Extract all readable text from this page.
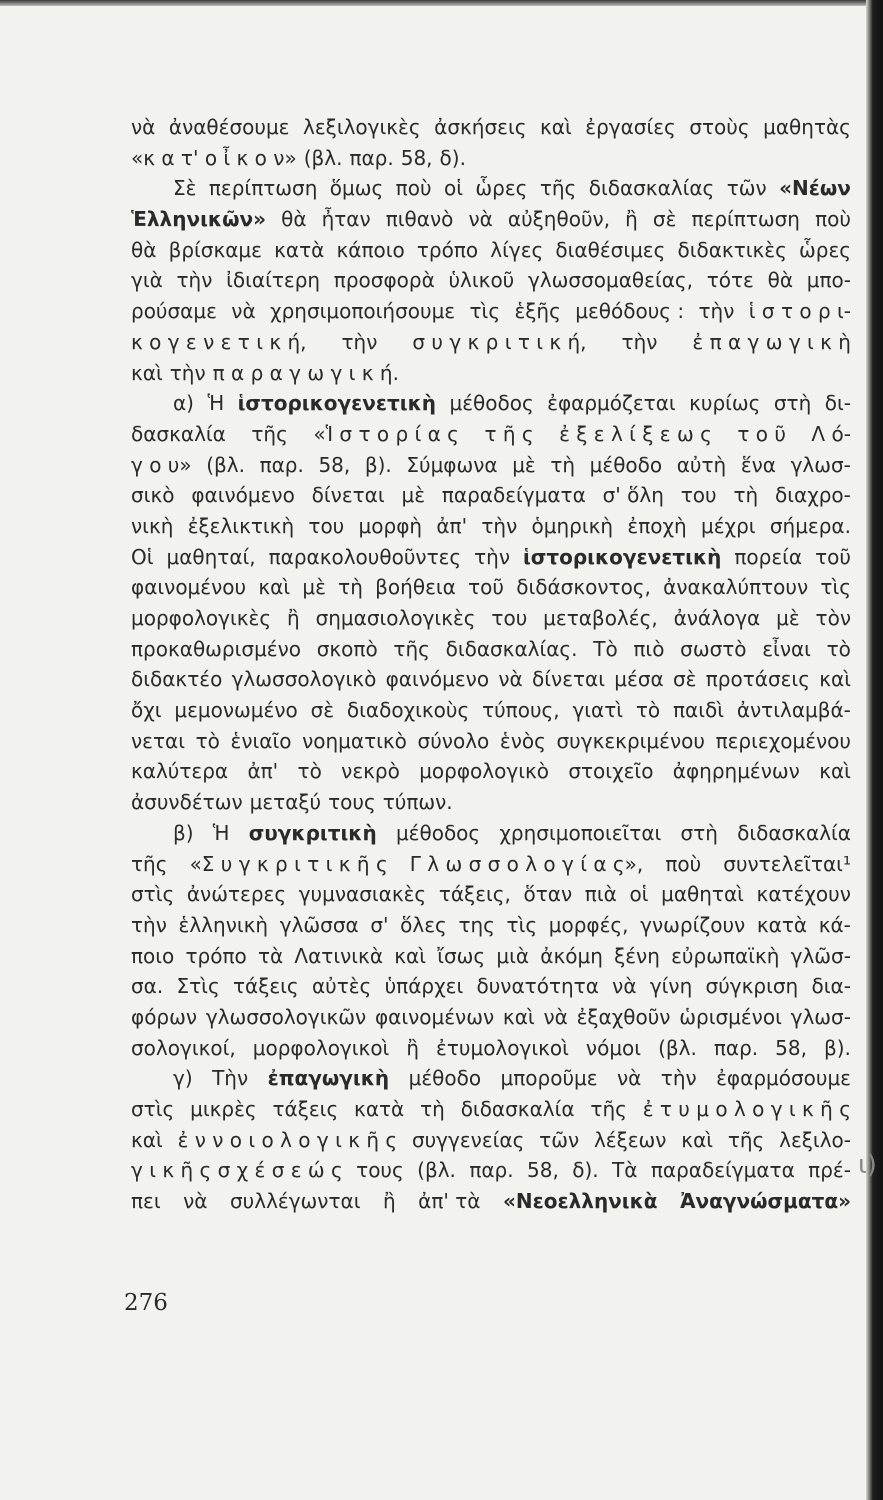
νὰ ἀναθέσουμε λεξιλογικὲς ἀσκήσεις καὶ ἐργασίες στοὺς μαθητὰς
«κ α τ' ο ἶ κ ο ν» (βλ. παρ. 58, δ).
Σὲ περίπτωση ὅμως ποὺ οἱ ὧρες τῆς διδασκαλίας τῶν «Νέων
Ἑλληνικῶν» θὰ ἦταν πιθανὸ νὰ αὐξηθοῦν, ἢ σὲ περίπτωση ποὺ
θὰ βρίσκαμε κατὰ κάποιο τρόπο λίγες διαθέσιμες διδακτικὲς ὧρες
γιὰ τὴν ἰδιαίτερη προσφορὰ ὑλικοῦ γλωσσομαθείας, τότε θὰ μπο-
ρούσαμε νὰ χρησιμοποιήσουμε τὶς ἑξῆς μεθόδους : τὴν ἱ σ τ ο ρ ι-
κ ο γ ε ν ε τ ι κ ή, τὴν σ υ γ κ ρ ι τ ι κ ή, τὴν ἐ π α γ ω γ ι κ ὴ
καὶ τὴν π α ρ α γ ω γ ι κ ή.
α) Ἡ ἱστορικογενετικὴ μέθοδος ἐφαρμόζεται κυρίως στὴ δι-
δασκαλία τῆς «Ἱ σ τ ο ρ ί α ς τ ῆ ς ἐ ξ ε λ ί ξ ε ω ς τ ο ῦ Λ ό-
γ ο υ» (βλ. παρ. 58, β). Σύμφωνα μὲ τὴ μέθοδο αὐτὴ ἕνα γλωσ-
σικὸ φαινόμενο δίνεται μὲ παραδείγματα σ' ὅλη του τὴ διαχρο-
νικὴ ἐξελικτικὴ του μορφὴ ἀπ' τὴν ὁμηρικὴ ἐποχὴ μέχρι σήμερα.
Οἱ μαθηταί, παρακολουθοῦντες τὴν ἱστορικογενετικὴ πορεία τοῦ
φαινομένου καὶ μὲ τὴ βοήθεια τοῦ διδάσκοντος, ἀνακαλύπτουν τὶς
μορφολογικὲς ἢ σημασιολογικὲς του μεταβολές, ἀνάλογα μὲ τὸν
προκαθωρισμένο σκοπὸ τῆς διδασκαλίας. Τὸ πιὸ σωστὸ εἶναι τὸ
διδακτέο γλωσσολογικὸ φαινόμενο νὰ δίνεται μέσα σὲ προτάσεις καὶ
ὄχι μεμονωμένο σὲ διαδοχικοὺς τύπους, γιατὶ τὸ παιδὶ ἀντιλαμβά-
νεται τὸ ἑνιαῖο νοηματικὸ σύνολο ἑνὸς συγκεκριμένου περιεχομένου
καλύτερα ἀπ' τὸ νεκρὸ μορφολογικὸ στοιχεῖο ἀφηρημένων καὶ
ἀσυνδέτων μεταξύ τους τύπων.
β) Ἡ συγκριτικὴ μέθοδος χρησιμοποιεῖται στὴ διδασκαλία
τῆς «Σ υ γ κ ρ ι τ ι κ ῆ ς Γ λ ω σ σ ο λ ο γ ί α ς», ποὺ συντελεῖται¹
στὶς ἀνώτερες γυμνασιακὲς τάξεις, ὅταν πιὰ οἱ μαθηταὶ κατέχουν
τὴν ἑλληνικὴ γλῶσσα σ' ὅλες της τὶς μορφές, γνωρίζουν κατὰ κά-
ποιο τρόπο τὰ Λατινικὰ καὶ ἴσως μιὰ ἀκόμη ξένη εὐρωπαϊκὴ γλῶσ-
σα. Στὶς τάξεις αὐτὲς ὑπάρχει δυνατότητα νὰ γίνη σύγκριση δια-
φόρων γλωσσολογικῶν φαινομένων καὶ νὰ ἐξαχθοῦν ὡρισμένοι γλωσ-
σολογικοί, μορφολογικοὶ ἢ ἐτυμολογικοὶ νόμοι (βλ. παρ. 58, β).
γ) Τὴν ἐπαγωγικὴ μέθοδο μποροῦμε νὰ τὴν ἐφαρμόσουμε
στὶς μικρὲς τάξεις κατὰ τὴ διδασκαλία τῆς ἐ τ υ μ ο λ ο γ ι κ ῆ ς
καὶ ἐ ν ν ο ι ο λ ο γ ι κ ῆ ς συγγενείας τῶν λέξεων καὶ τῆς λεξιλο-
γ ι κ ῆ ς σ χ έ σ ε ώ ς τους (βλ. παρ. 58, δ). Τὰ παραδείγματα πρέ-
πει νὰ συλλέγωνται ἢ ἀπ' τὰ «Νεοελληνικὰ Ἀναγνώσματα»
276
ι)
